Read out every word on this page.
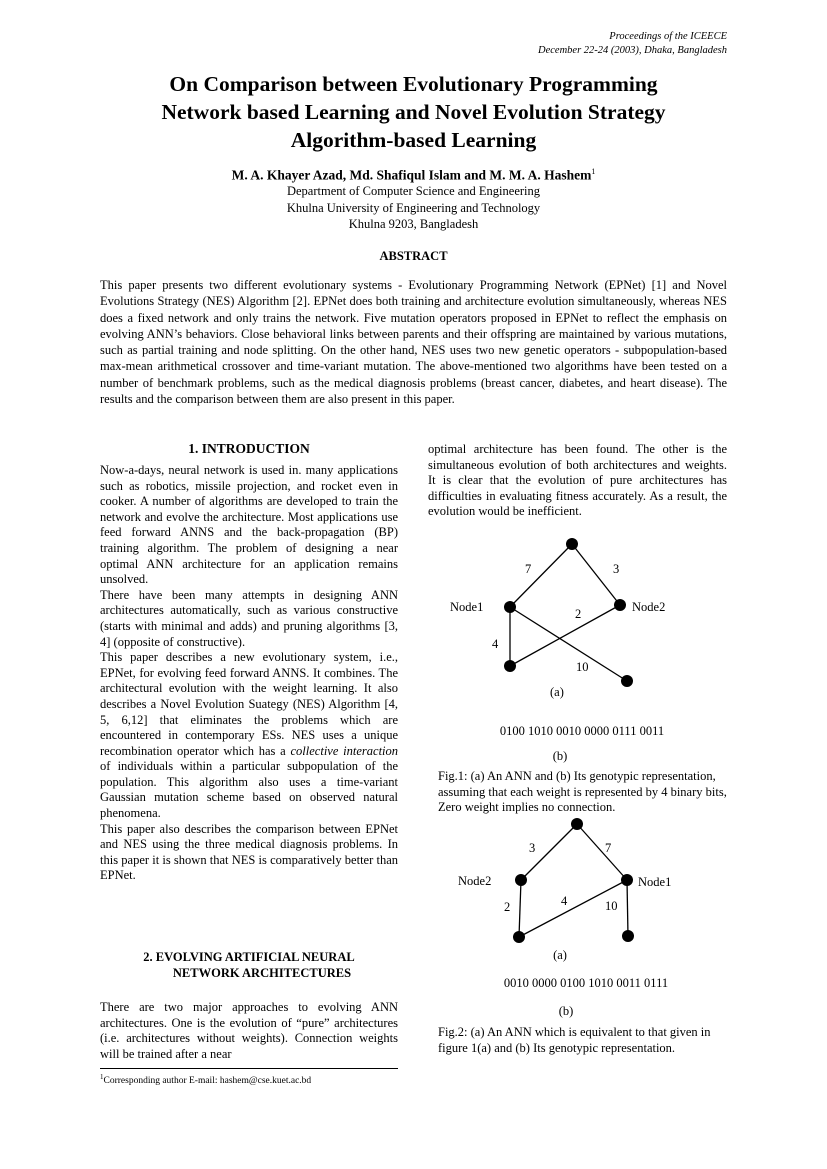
Proceedings of the ICEECE
December 22-24 (2003), Dhaka, Bangladesh
On Comparison between Evolutionary Programming
Network based Learning and Novel Evolution Strategy
Algorithm-based Learning
M. A. Khayer Azad, Md. Shafiqul Islam and M. M. A. Hashem$^1$
Department of Computer Science and Engineering
Khulna University of Engineering and Technology
Khulna 9203, Bangladesh
ABSTRACT
This paper presents two different evolutionary systems - Evolutionary Programming Network (EPNet) [1] and Novel Evolutions Strategy (NES) Algorithm [2]. EPNet does both training and architecture evolution simultaneously, whereas NES does a fixed network and only trains the network. Five mutation operators proposed in EPNet to reflect the emphasis on evolving ANN’s behaviors. Close behavioral links between parents and their offspring are maintained by various mutations, such as partial training and node splitting. On the other hand, NES uses two new genetic operators - subpopulation-based max-mean arithmetical crossover and time-variant mutation. The above-mentioned two algorithms have been tested on a number of benchmark problems, such as the medical diagnosis problems (breast cancer, diabetes, and heart disease). The results and the comparison between them are also present in this paper.
1. INTRODUCTION

Now-a-days, neural network is used in. many applications such as robotics, missile projection, and rocket even in cooker. A number of algorithms are developed to train the network and evolve the architecture. Most applications use feed forward ANNS and the back-propagation (BP) training algorithm. The problem of designing a near optimal ANN architecture for an application remains unsolved.

There have been many attempts in designing ANN architectures automatically, such as various constructive (starts with minimal and adds) and pruning algorithms [3, 4] (opposite of constructive).

This paper describes a new evolutionary system, i.e., EPNet, for evolving feed forward ANNS. It combines. The architectural evolution with the weight learning. It also describes a Novel Evolution Suategy (NES) Algorithm [4, 5, 6,12] that eliminates the problems which are encountered in contemporary ESs. NES uses a unique recombination operator which has a collective interaction of individuals within a particular subpopulation of the population. This algorithm also uses a time-variant Gaussian mutation scheme based on observed natural phenomena.

This paper also describes the comparison between EPNet and NES using the three medical diagnosis problems. In this paper it is shown that NES is comparatively better than EPNet.

2. EVOLVING ARTIFICIAL NEURAL
NETWORK ARCHITECTURES

There are two major approaches to evolving ANN architectures. One is the evolution of “pure” architectures (i.e. architectures without weights). Connection weights will be trained after a near

$^1$Corresponding author E-mail: hashem@cse.kuet.ac.bd

optimal architecture has been found. The other is the simultaneous evolution of both architectures and weights. It is clear that the evolution of pure architectures has difficulties in evaluating fitness accurately. As a result, the evolution would be inefficient.

Node1	Node2
7	3
2
4
10
(a)
0100 1010 0010 0000 0111 0011
(b)
Fig.1: (a) An ANN and (b) Its genotypic representation, assuming that each weight is represented by 4 binary bits, Zero weight implies no connection.
Node2	Node1
3	7
4
2	10
(a)
0010 0000 0100 1010 0011 0111
(b)
Fig.2: (a) An ANN which is equivalent to that given in figure 1(a) and (b) Its genotypic representation.
